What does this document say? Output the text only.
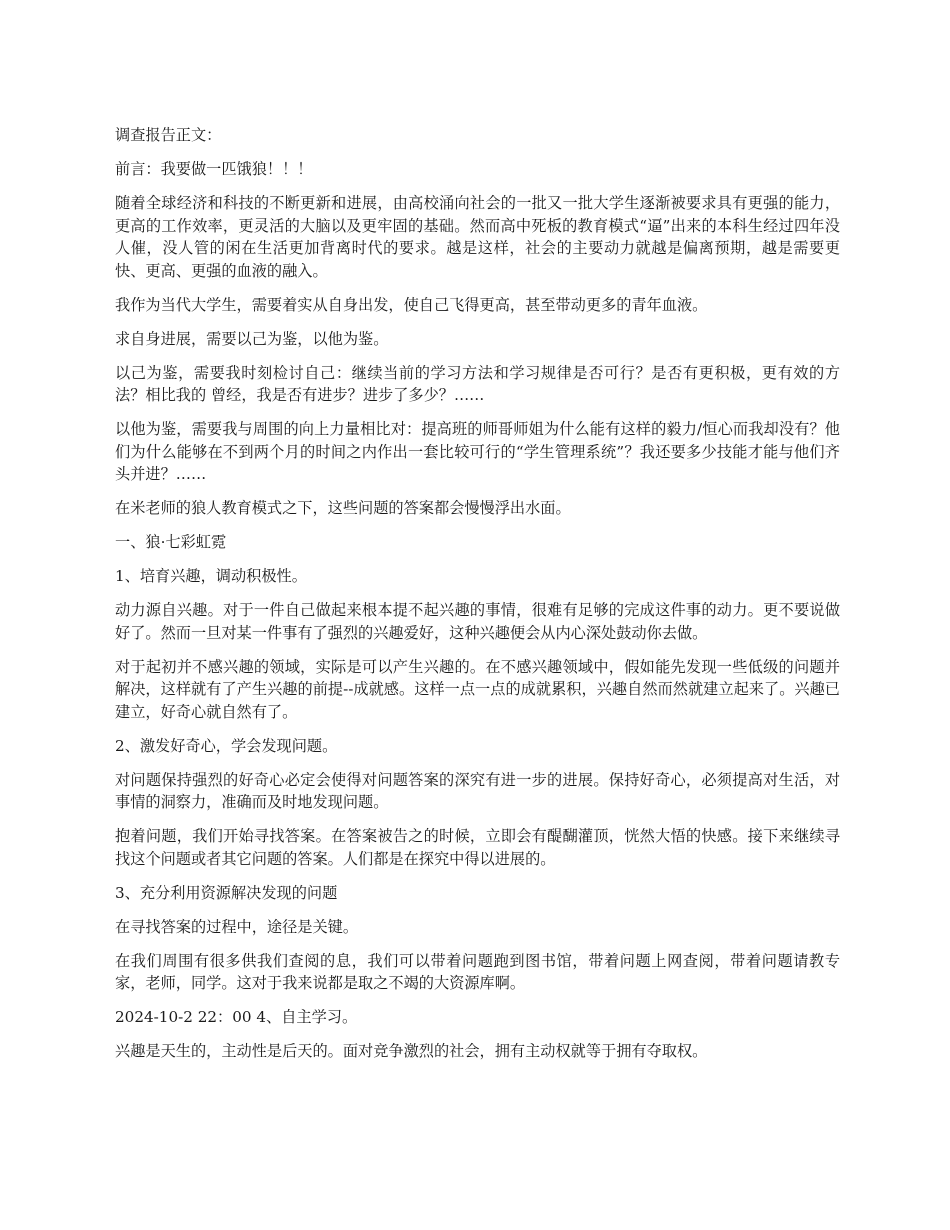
调查报告正文：

前言：我要做一匹饿狼！！！

随着全球经济和科技的不断更新和进展，由高校涌向社会的一批又一批大学生逐渐被要求具有更强的能力，更高的工作效率，更灵活的大脑以及更牢固的基础。然而高中死板的教育模式“逼”出来的本科生经过四年没人催，没人管的闲在生活更加背离时代的要求。越是这样，社会的主要动力就越是偏离预期，越是需要更快、更高、更强的血液的融入。

我作为当代大学生，需要着实从自身出发，使自己飞得更高，甚至带动更多的青年血液。

求自身进展，需要以己为鉴，以他为鉴。

以己为鉴，需要我时刻检讨自己：继续当前的学习方法和学习规律是否可行？是否有更积极，更有效的方法？相比我的 曾经，我是否有进步？进步了多少？……

以他为鉴，需要我与周围的向上力量相比对：提高班的师哥师姐为什么能有这样的毅力/恒心而我却没有？他们为什么能够在不到两个月的时间之内作出一套比较可行的“学生管理系统”？我还要多少技能才能与他们齐头并进？……

在米老师的狼人教育模式之下，这些问题的答案都会慢慢浮出水面。

一、狼·七彩虹霓

1、培育兴趣，调动积极性。

动力源自兴趣。对于一件自己做起来根本提不起兴趣的事情，很难有足够的完成这件事的动力。更不要说做好了。然而一旦对某一件事有了强烈的兴趣爱好，这种兴趣便会从内心深处鼓动你去做。

对于起初并不感兴趣的领域，实际是可以产生兴趣的。在不感兴趣领域中，假如能先发现一些低级的问题并解决，这样就有了产生兴趣的前提--成就感。这样一点一点的成就累积，兴趣自然而然就建立起来了。兴趣已建立，好奇心就自然有了。

2、激发好奇心，学会发现问题。

对问题保持强烈的好奇心必定会使得对问题答案的深究有进一步的进展。保持好奇心，必须提高对生活，对事情的洞察力，准确而及时地发现问题。

抱着问题，我们开始寻找答案。在答案被告之的时候，立即会有醍醐灌顶，恍然大悟的快感。接下来继续寻找这个问题或者其它问题的答案。人们都是在探究中得以进展的。

3、充分利用资源解决发现的问题

在寻找答案的过程中，途径是关键。

在我们周围有很多供我们查阅的息，我们可以带着问题跑到图书馆，带着问题上网查阅，带着问题请教专家，老师，同学。这对于我来说都是取之不竭的大资源库啊。

2024-10-2 22：00 4、自主学习。

兴趣是天生的，主动性是后天的。面对竞争激烈的社会，拥有主动权就等于拥有夺取权。
